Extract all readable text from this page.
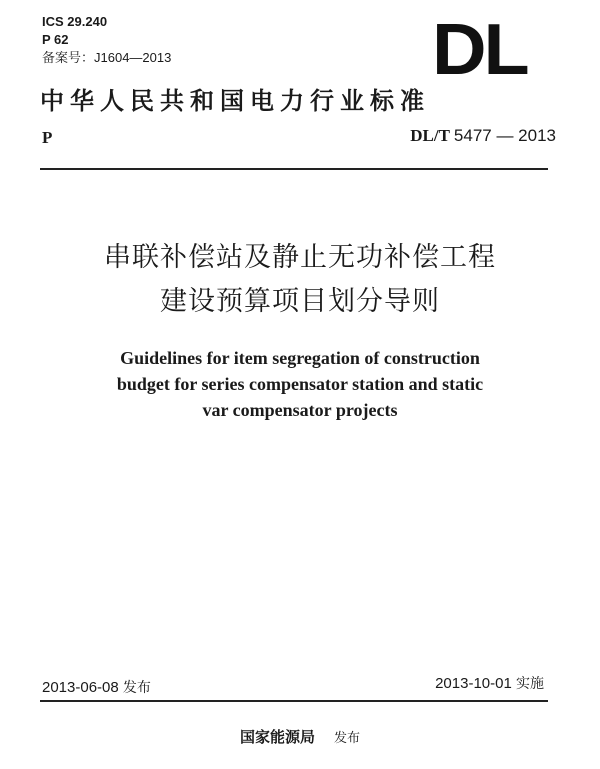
ICS 29.240
P 62
备案号：J1604—2013	DL
中华人民共和国电力行业标准
P	DL/T 5477 — 2013
串联补偿站及静止无功补偿工程
建设预算项目划分导则
Guidelines for item segregation of construction
budget for series compensator station and static
var compensator projects
2013-06-08 发布	2013-10-01 实施
国家能源局 发布
